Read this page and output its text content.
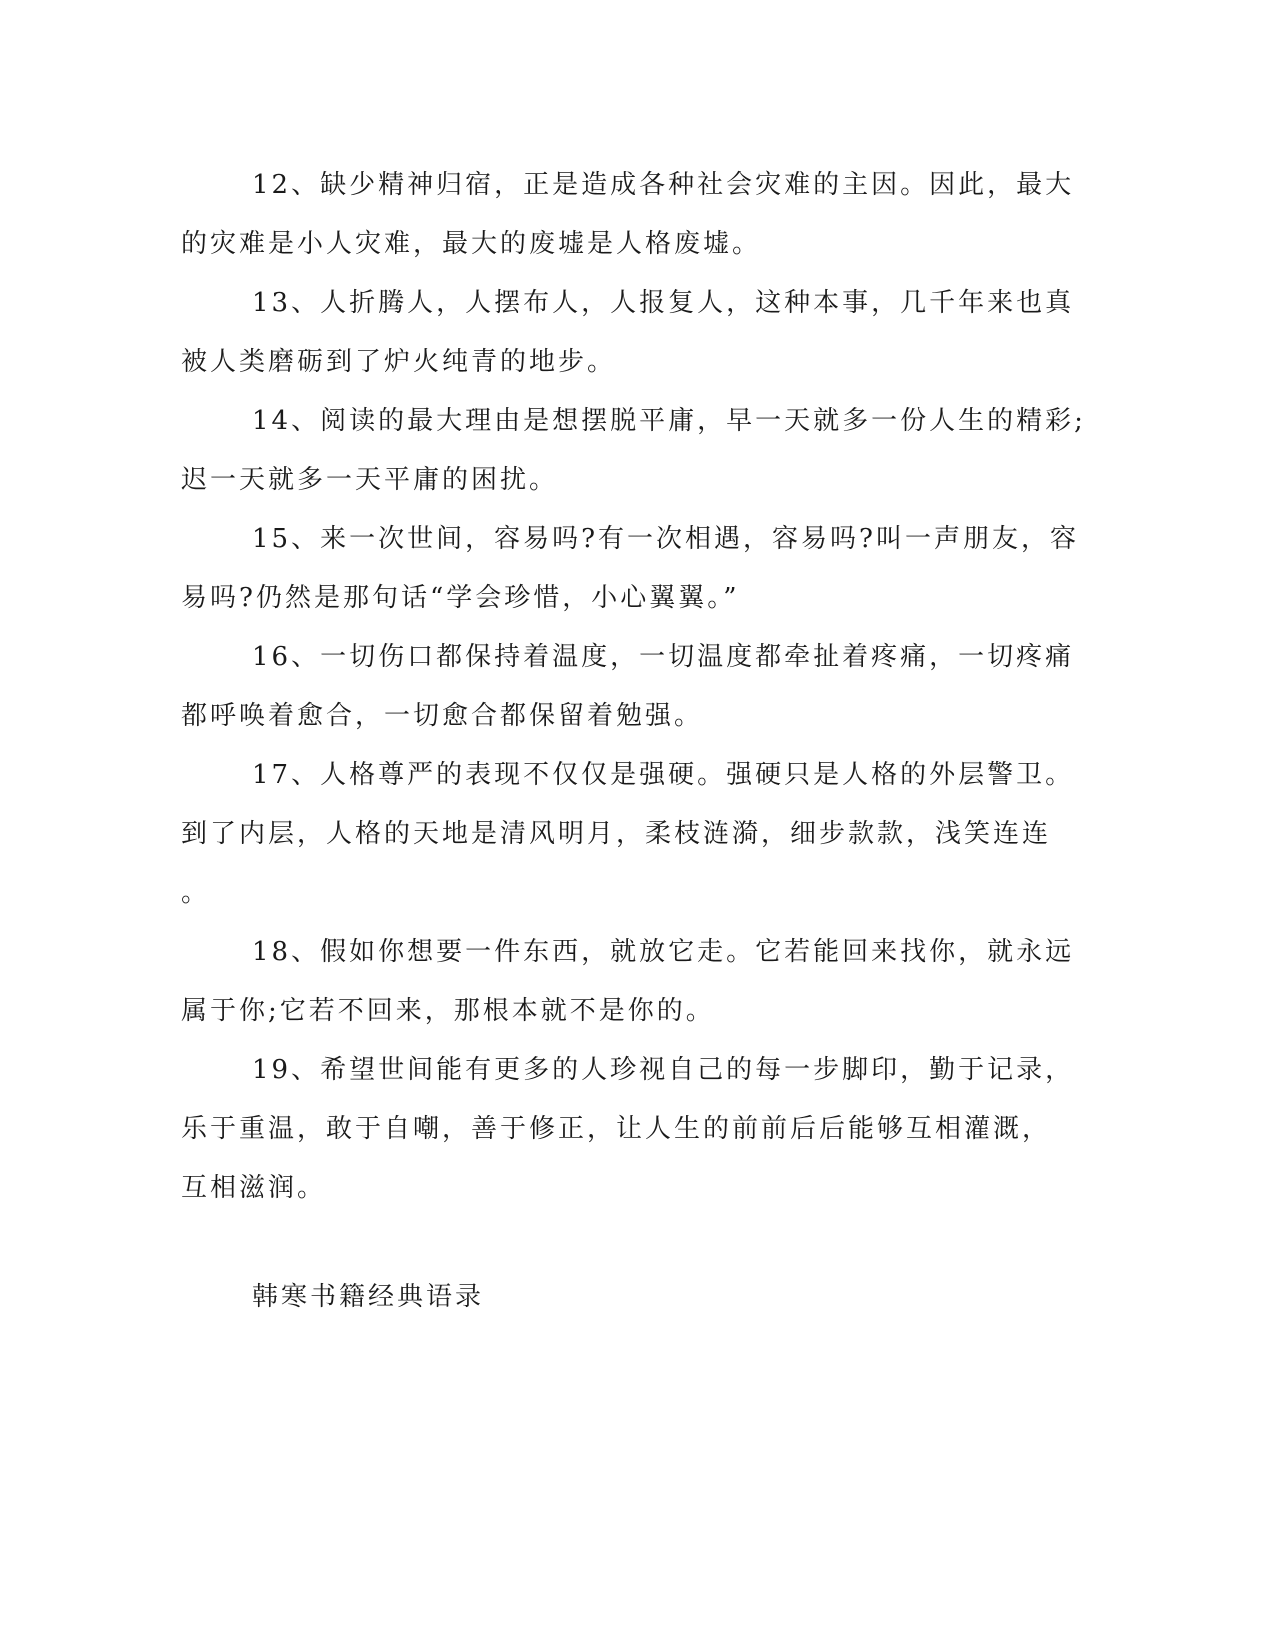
12、缺少精神归宿，正是造成各种社会灾难的主因。因此，最大
的灾难是小人灾难，最大的废墟是人格废墟。
13、人折腾人，人摆布人，人报复人，这种本事，几千年来也真
被人类磨砺到了炉火纯青的地步。
14、阅读的最大理由是想摆脱平庸，早一天就多一份人生的精彩;
迟一天就多一天平庸的困扰。
15、来一次世间，容易吗?有一次相遇，容易吗?叫一声朋友，容
易吗?仍然是那句话“学会珍惜，小心翼翼。”
16、一切伤口都保持着温度，一切温度都牵扯着疼痛，一切疼痛
都呼唤着愈合，一切愈合都保留着勉强。
17、人格尊严的表现不仅仅是强硬。强硬只是人格的外层警卫。
到了内层，人格的天地是清风明月，柔枝涟漪，细步款款，浅笑连连
。
18、假如你想要一件东西，就放它走。它若能回来找你，就永远
属于你;它若不回来，那根本就不是你的。
19、希望世间能有更多的人珍视自己的每一步脚印，勤于记录，
乐于重温，敢于自嘲，善于修正，让人生的前前后后能够互相灌溉，
互相滋润。
韩寒书籍经典语录
